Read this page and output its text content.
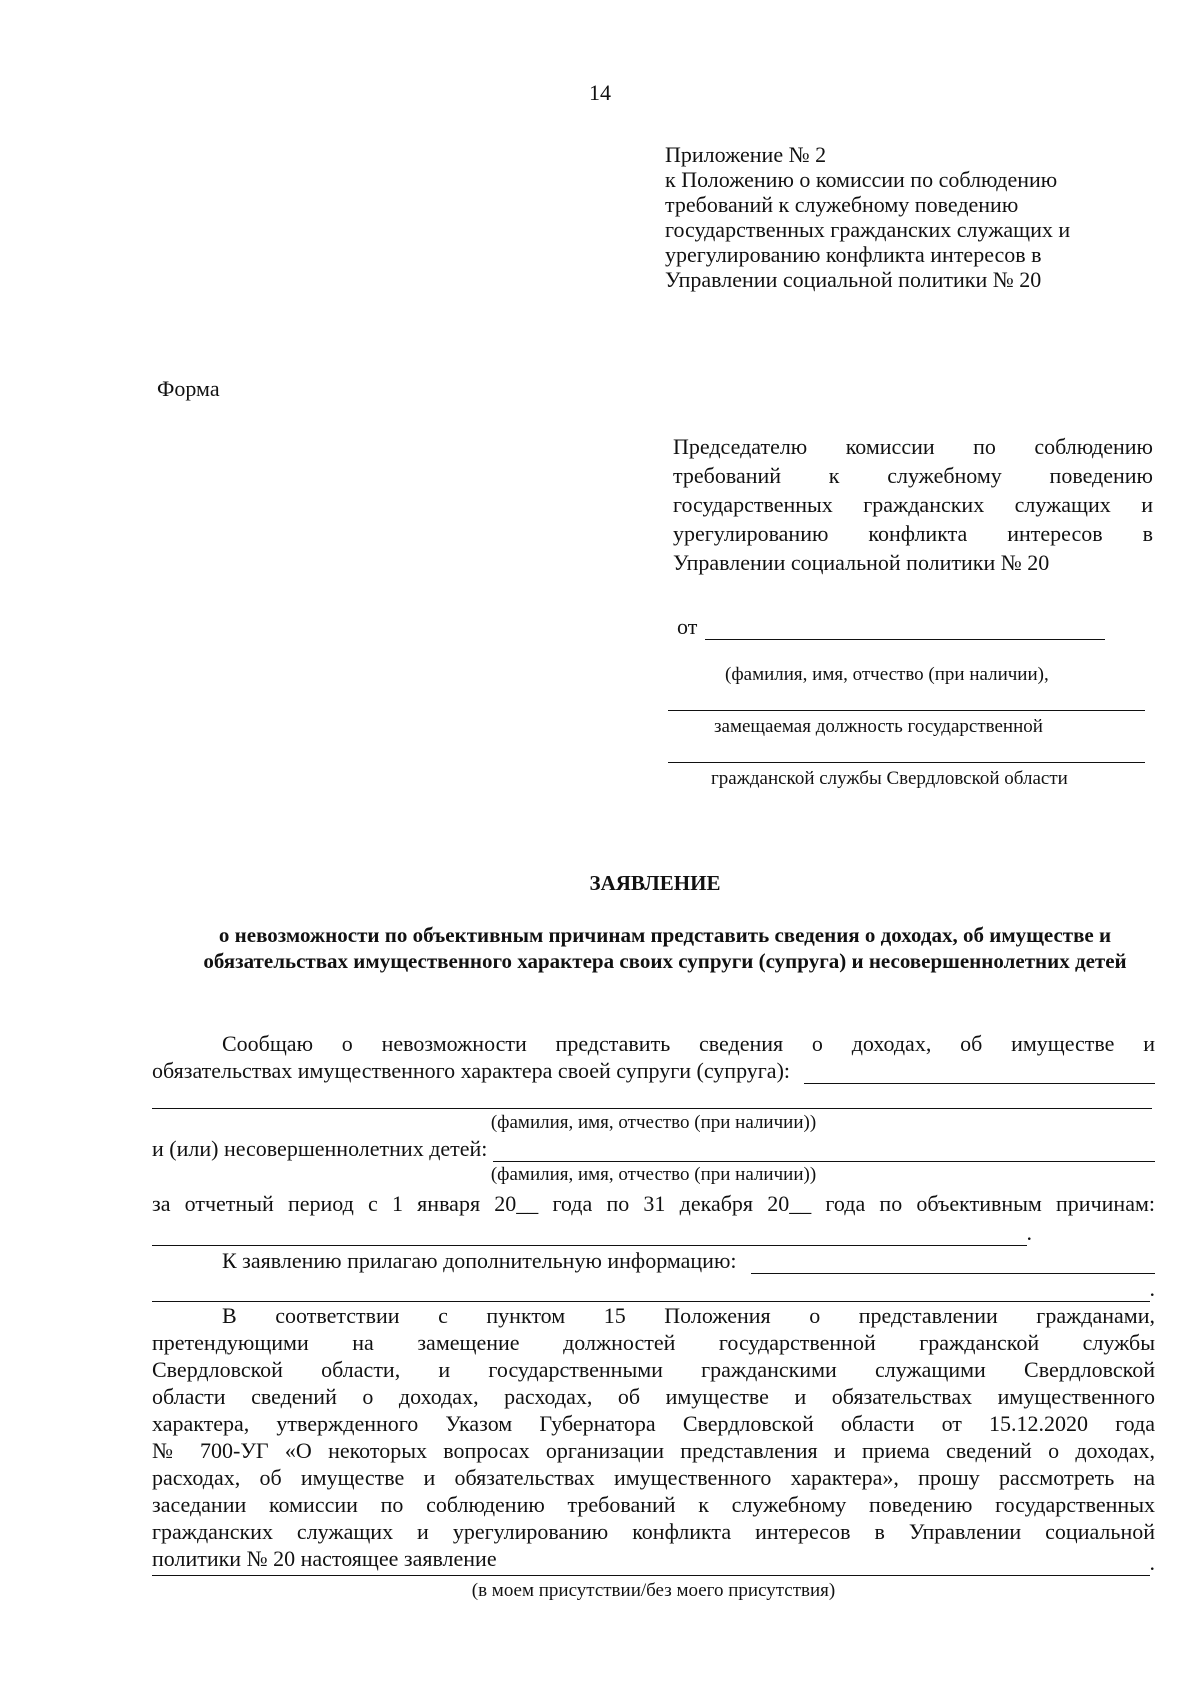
14
Приложение № 2
к Положению о комиссии по соблюдению
требований к служебному поведению
государственных гражданских служащих и
урегулированию конфликта интересов в
Управлении социальной политики № 20
Форма
Председателю комиссии по соблюдению
требований к служебному поведению
государственных гражданских служащих и
урегулированию конфликта интересов в
Управлении социальной политики № 20
от
(фамилия, имя, отчество (при наличии),
замещаемая должность государственной
гражданской службы Свердловской области
ЗАЯВЛЕНИЕ
о невозможности по объективным причинам представить сведения о доходах, об имуществе и обязательствах имущественного характера своих супруги (супруга) и несовершеннолетних детей
Сообщаю о невозможности представить сведения о доходах, об имуществе и
обязательствах имущественного характера своей супруги (супруга):
(фамилия, имя, отчество (при наличии))
и (или) несовершеннолетних детей:
(фамилия, имя, отчество (при наличии))
за отчетный период с 1 января 20__ года по 31 декабря 20__ года по объективным причинам:
.
К заявлению прилагаю дополнительную информацию:
.
В соответствии с пунктом 15 Положения о представлении гражданами,
претендующими на замещение должностей государственной гражданской службы
Свердловской области, и государственными гражданскими служащими Свердловской
области сведений о доходах, расходах, об имуществе и обязательствах имущественного
характера, утвержденного Указом Губернатора Свердловской области от 15.12.2020 года
№ 700-УГ «О некоторых вопросах организации представления и приема сведений о доходах,
расходах, об имуществе и обязательствах имущественного характера», прошу рассмотреть на
заседании комиссии по соблюдению требований к служебному поведению государственных
гражданских служащих и урегулированию конфликта интересов в Управлении социальной
политики № 20 настоящее заявление	.
(в моем присутствии/без моего присутствия)
